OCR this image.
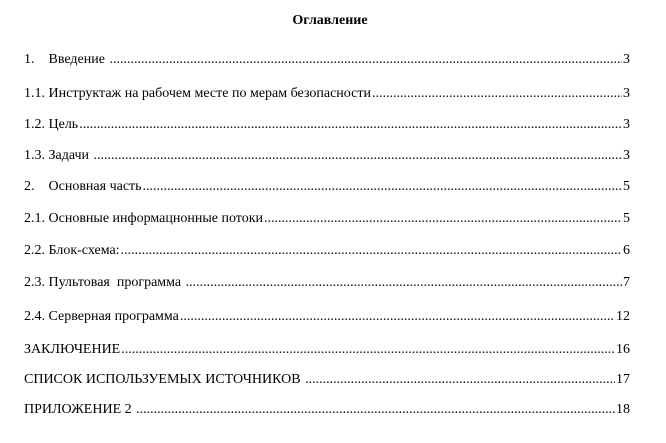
Оглавление
1.    Введение .....	3
1.1. Инструктаж на рабочем месте по мерам безопасности .....	3
1.2. Цель .....	3
1.3. Задачи .....	3
2.    Основная часть .....	5
2.1. Основные информацнонные потоки .....	5
2.2. Блок-схема: .....	6
2.3. Пультовая  программа .....	7
2.4. Серверная программа .....	12
ЗАКЛЮЧЕНИЕ .....	16
СПИСОК ИСПОЛЬЗУЕМЫХ ИСТОЧНИКОВ .....	17
ПРИЛОЖЕНИЕ 2 .....	18
